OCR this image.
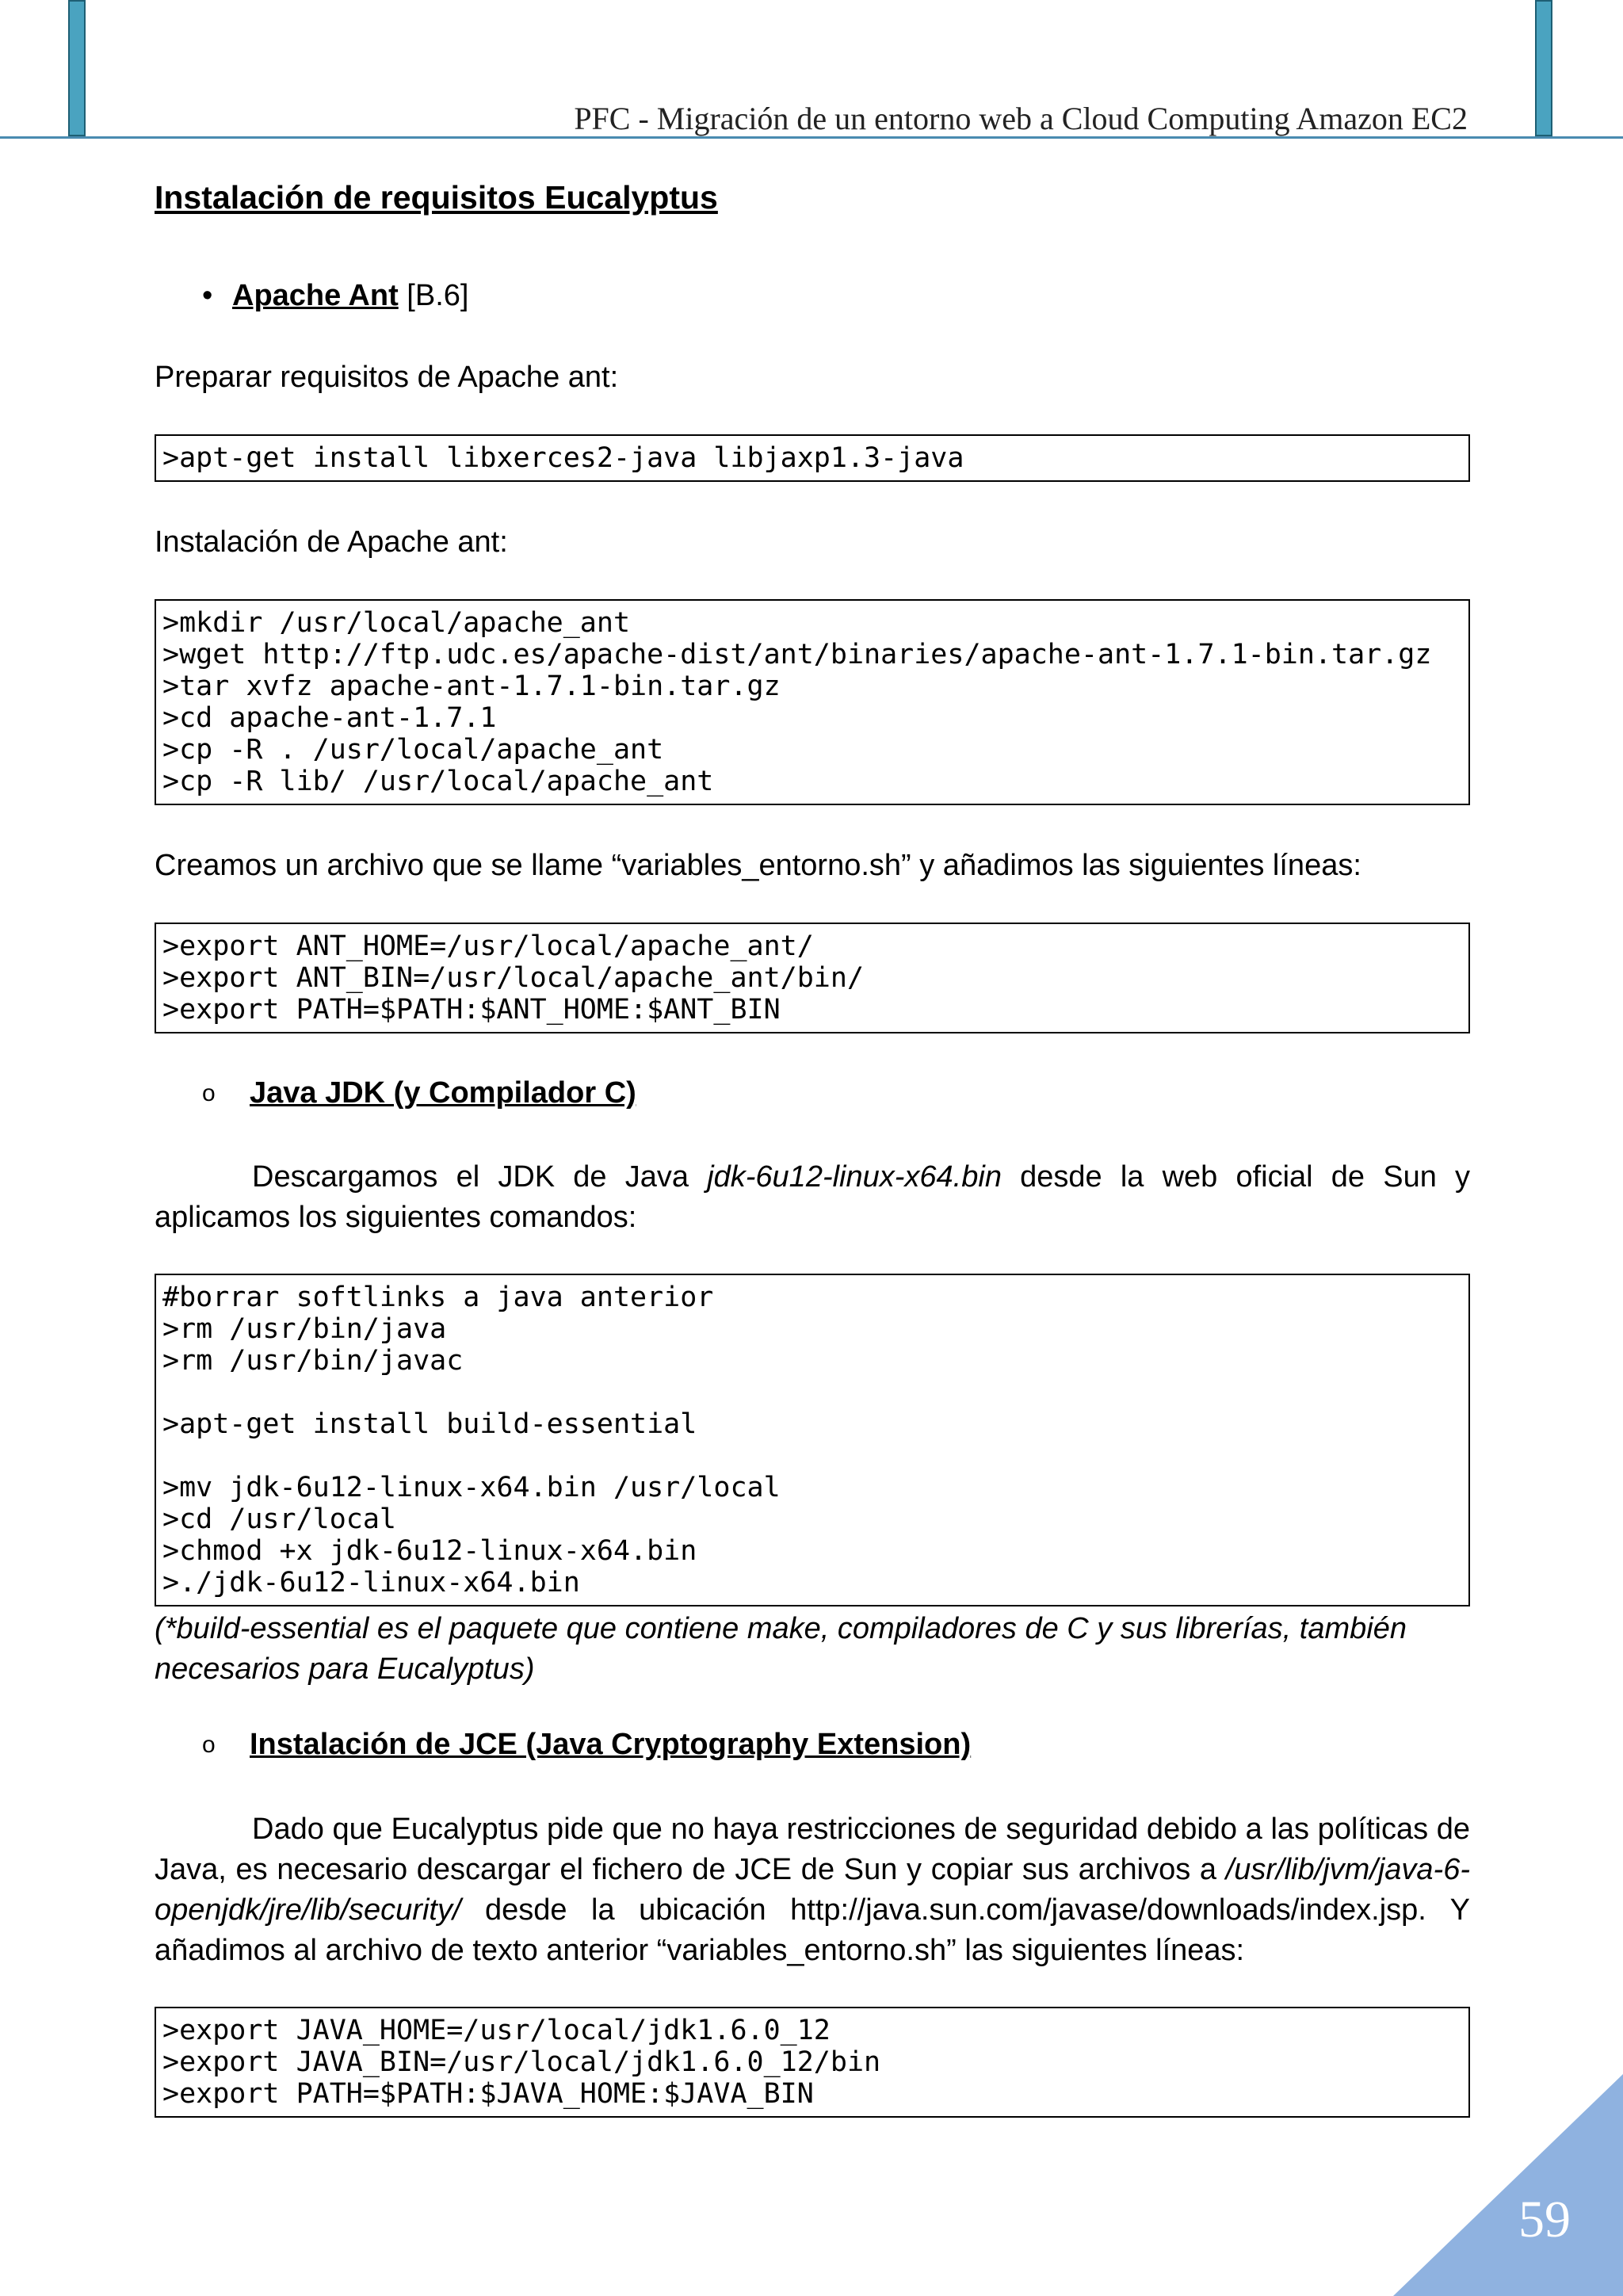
PFC - Migración de un entorno web a Cloud Computing Amazon EC2
Instalación de requisitos Eucalyptus
• Apache Ant [B.6]
Preparar requisitos de Apache ant:
>apt-get install libxerces2-java libjaxp1.3-java
Instalación de Apache ant:
>mkdir /usr/local/apache_ant
>wget http://ftp.udc.es/apache-dist/ant/binaries/apache-ant-1.7.1-bin.tar.gz
>tar xvfz apache-ant-1.7.1-bin.tar.gz
>cd apache-ant-1.7.1
>cp -R . /usr/local/apache_ant
>cp -R lib/ /usr/local/apache_ant
Creamos un archivo que se llame “variables_entorno.sh” y añadimos las siguientes líneas:
>export ANT_HOME=/usr/local/apache_ant/
>export ANT_BIN=/usr/local/apache_ant/bin/
>export PATH=$PATH:$ANT_HOME:$ANT_BIN
o	Java JDK (y Compilador C)
Descargamos el JDK de Java jdk-6u12-linux-x64.bin desde la web oficial de Sun y aplicamos los siguientes comandos:
#borrar softlinks a java anterior
>rm /usr/bin/java
>rm /usr/bin/javac
>apt-get install build-essential
>mv jdk-6u12-linux-x64.bin /usr/local
>cd /usr/local
>chmod +x jdk-6u12-linux-x64.bin
>./jdk-6u12-linux-x64.bin
(*build-essential es el paquete que contiene make, compiladores de C y sus librerías, también necesarios para Eucalyptus)
o	Instalación de JCE (Java Cryptography Extension)
Dado que Eucalyptus pide que no haya restricciones de seguridad debido a las políticas de Java, es necesario descargar el fichero de JCE de Sun y copiar sus archivos a /usr/lib/jvm/java-6-openjdk/jre/lib/security/ desde la ubicación http://java.sun.com/javase/downloads/index.jsp. Y añadimos al archivo de texto anterior “variables_entorno.sh” las siguientes líneas:
>export JAVA_HOME=/usr/local/jdk1.6.0_12
>export JAVA_BIN=/usr/local/jdk1.6.0_12/bin
>export PATH=$PATH:$JAVA_HOME:$JAVA_BIN
59
